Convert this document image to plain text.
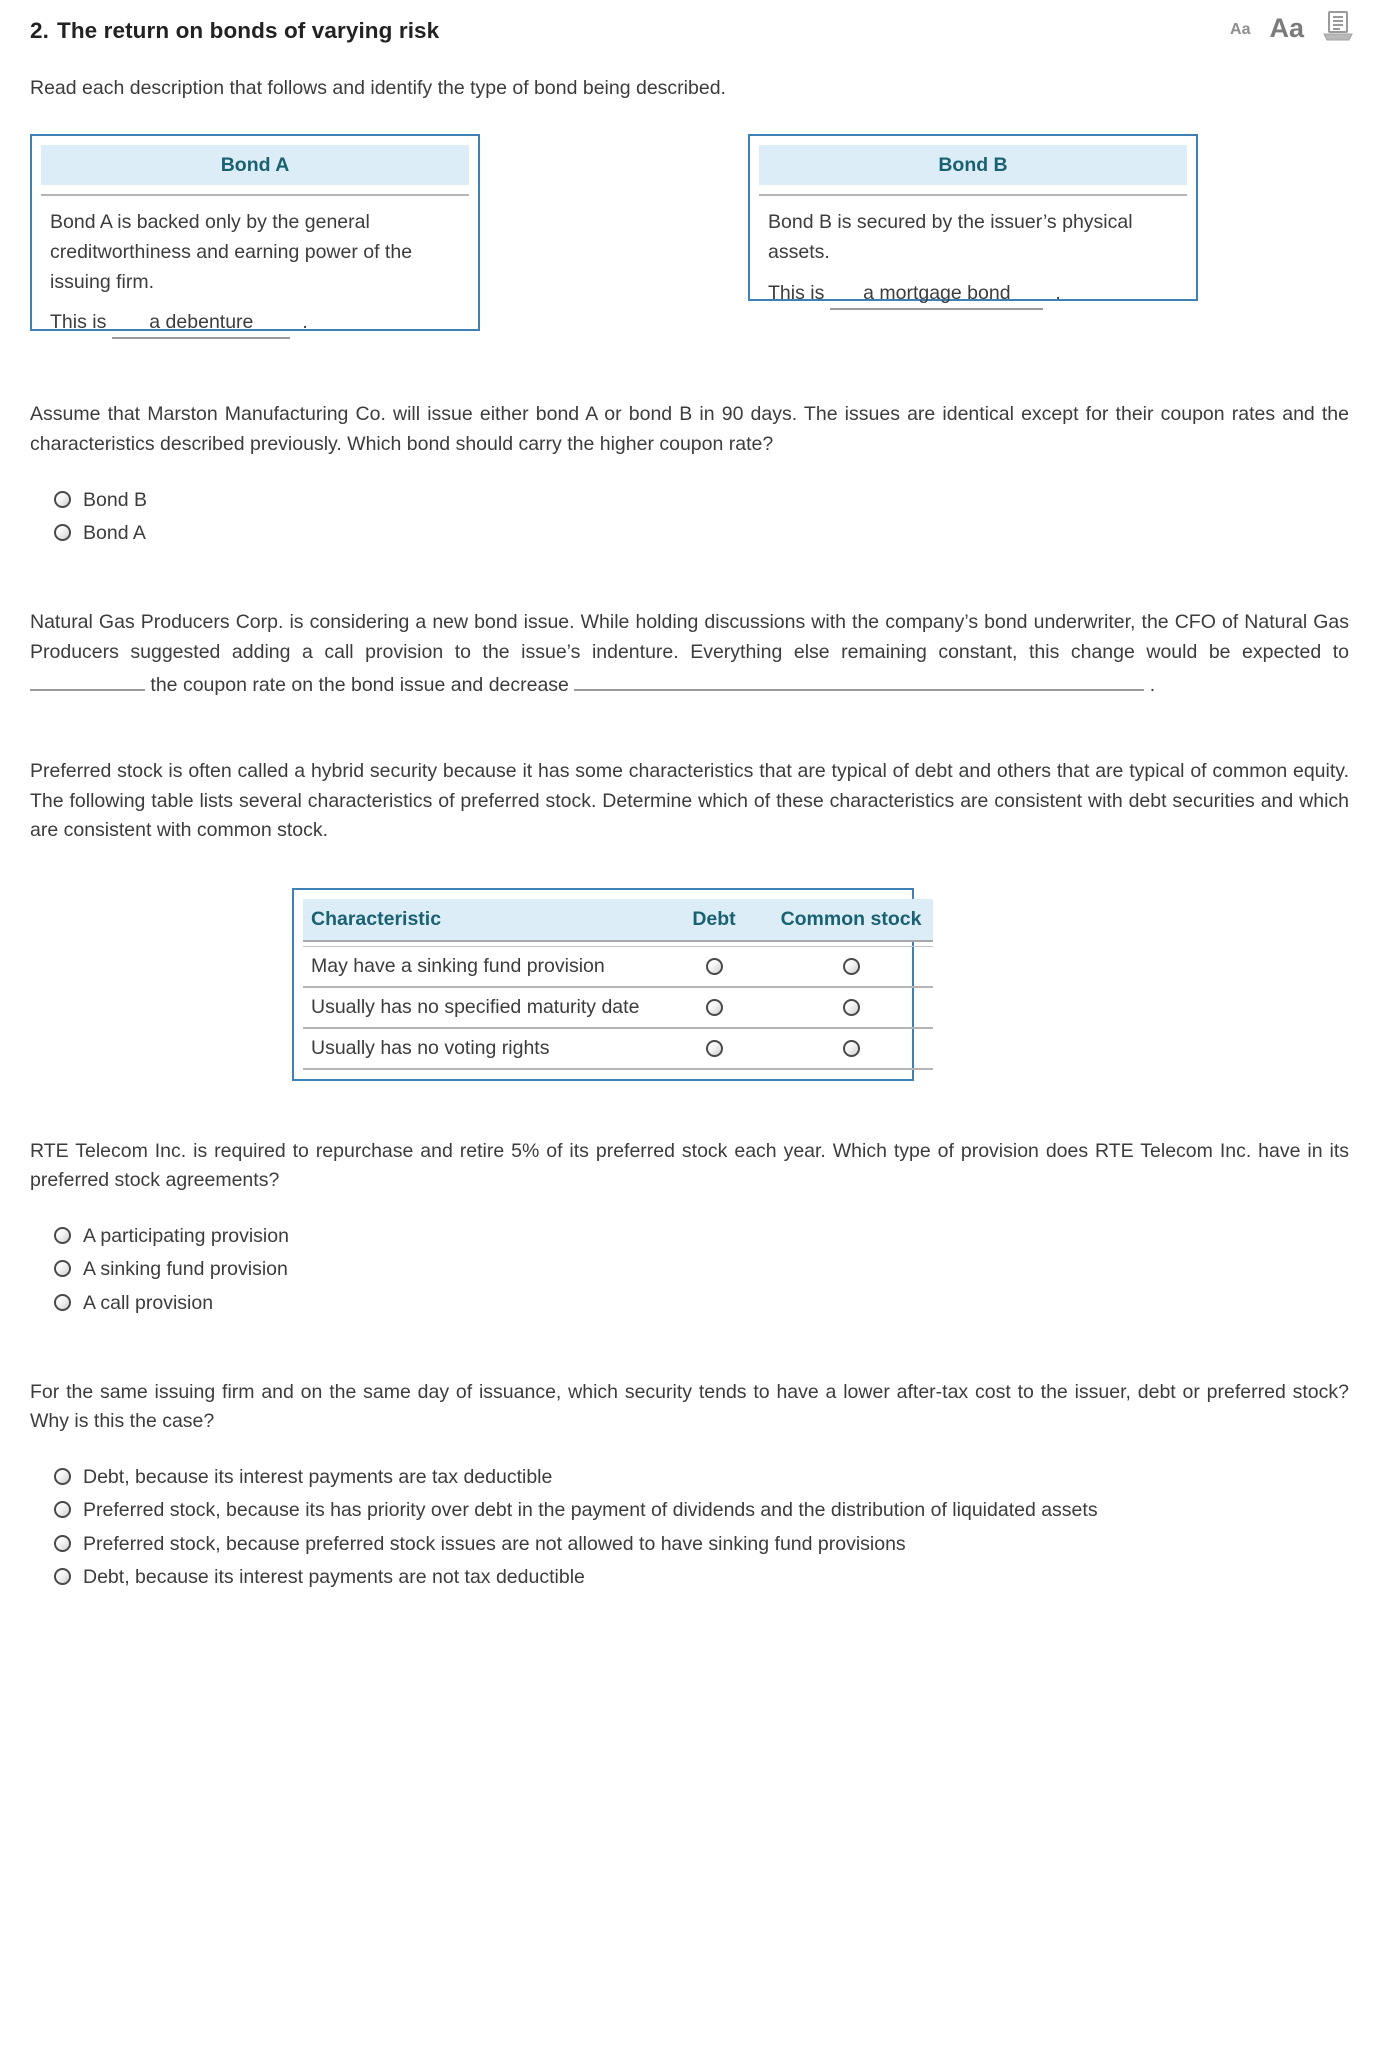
2. The return on bonds of varying risk	Aa Aa
Read each description that follows and identify the type of bond being described.
Bond A
Bond A is backed only by the general creditworthiness and earning power of the issuing firm.
This is	a debenture	.
Bond B
Bond B is secured by the issuer’s physical assets.
This is	a mortgage bond	.
Assume that Marston Manufacturing Co. will issue either bond A or bond B in 90 days. The issues are identical except for their coupon rates and the characteristics described previously. Which bond should carry the higher coupon rate?
Bond B
Bond A
Natural Gas Producers Corp. is considering a new bond issue. While holding discussions with the company’s bond underwriter, the CFO of Natural Gas Producers suggested adding a call provision to the issue’s indenture. Everything else remaining constant, this change would be expected to  the coupon rate on the bond issue and decrease	.
Preferred stock is often called a hybrid security because it has some characteristics that are typical of debt and others that are typical of common equity. The following table lists several characteristics of preferred stock. Determine which of these characteristics are consistent with debt securities and which are consistent with common stock.
Characteristic	Debt	Common stock

May have a sinking fund provision		
Usually has no specified maturity date		
Usually has no voting rights		
RTE Telecom Inc. is required to repurchase and retire 5% of its preferred stock each year. Which type of provision does RTE Telecom Inc. have in its preferred stock agreements?
A participating provision
A sinking fund provision
A call provision
For the same issuing firm and on the same day of issuance, which security tends to have a lower after-tax cost to the issuer, debt or preferred stock? Why is this the case?
Debt, because its interest payments are tax deductible
Preferred stock, because its has priority over debt in the payment of dividends and the distribution of liquidated assets
Preferred stock, because preferred stock issues are not allowed to have sinking fund provisions
Debt, because its interest payments are not tax deductible
